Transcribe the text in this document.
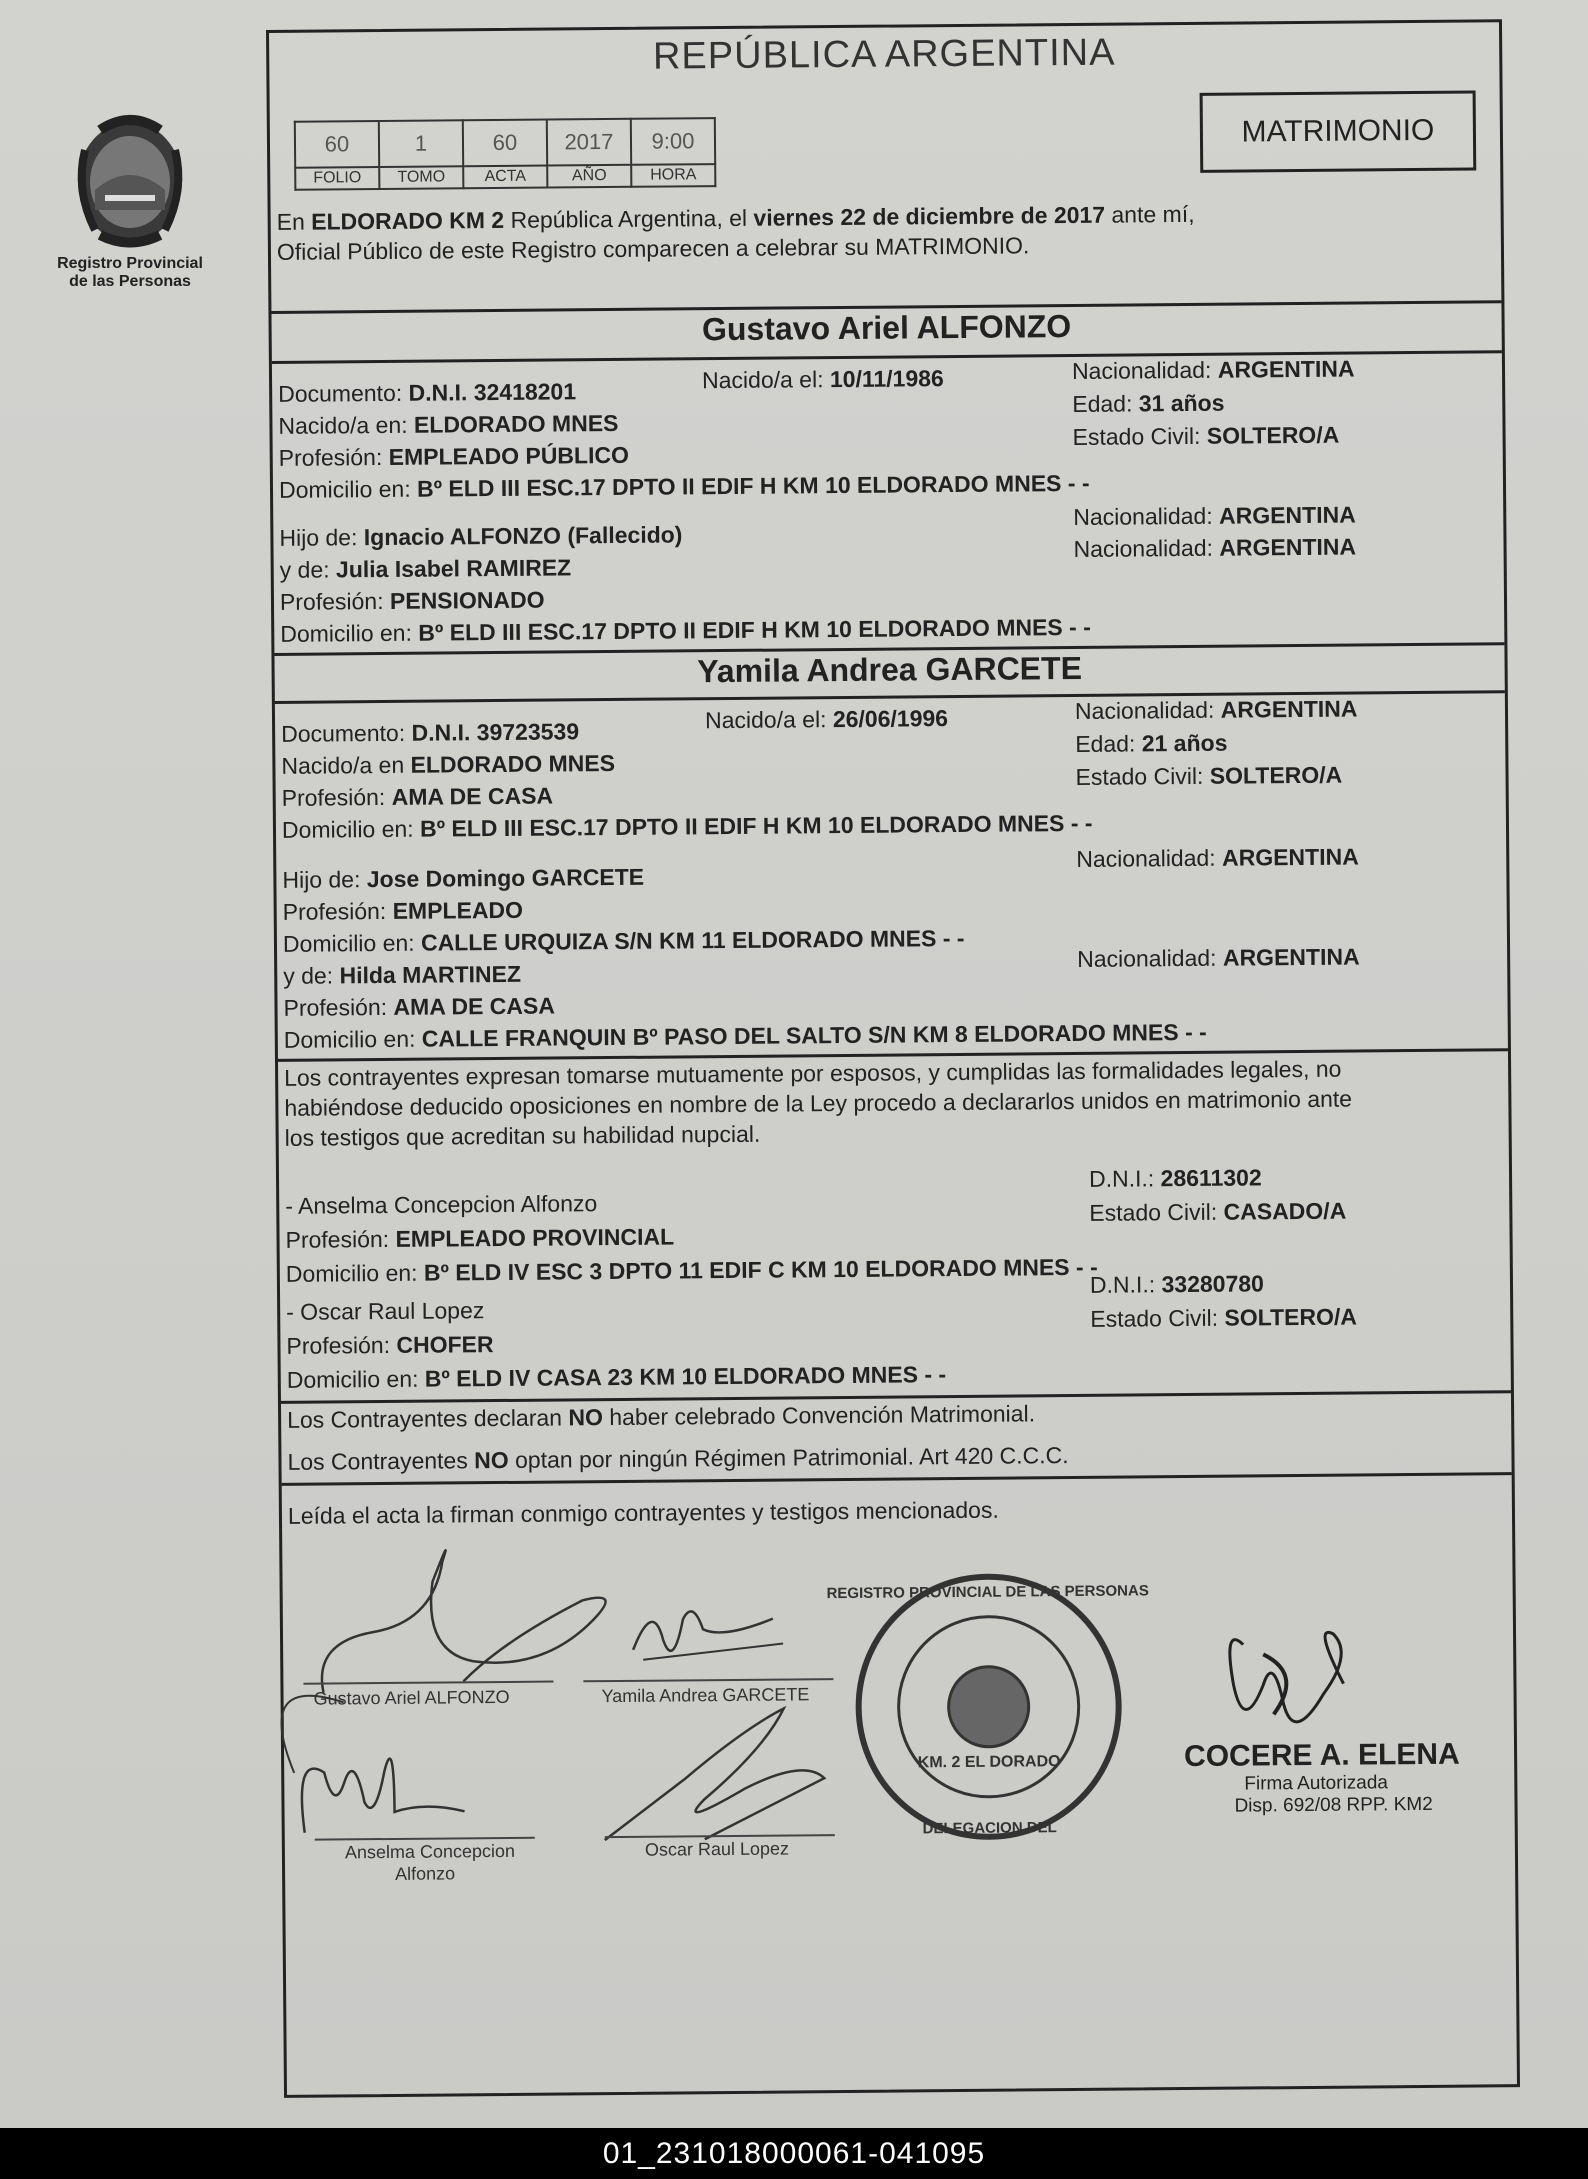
Registro Provincial
de las Personas
REPÚBLICA ARGENTINA
MATRIMONIO
60	1	60	2017	9:00
FOLIO	TOMO	ACTA	AÑO	HORA
En ELDORADO KM 2 República Argentina, el viernes 22 de diciembre de 2017 ante mí,
Oficial Público de este Registro comparecen a celebrar su MATRIMONIO.
Gustavo Ariel ALFONZO
Documento: D.N.I. 32418201	Nacido/a el: 10/11/1986	Nacionalidad: ARGENTINA
Edad: 31 años
Estado Civil: SOLTERO/A
Nacido/a en: ELDORADO MNES
Profesión: EMPLEADO PÚBLICO
Domicilio en: Bº ELD III ESC.17 DPTO II EDIF H KM 10 ELDORADO MNES - -
Hijo de: Ignacio ALFONZO (Fallecido)
Nacionalidad: ARGENTINA
y de: Julia Isabel RAMIREZ
Nacionalidad: ARGENTINA
Profesión: PENSIONADO
Domicilio en: Bº ELD III ESC.17 DPTO II EDIF H KM 10 ELDORADO MNES - -
Yamila Andrea GARCETE
Documento: D.N.I. 39723539	Nacido/a el: 26/06/1996	Nacionalidad: ARGENTINA
Edad: 21 años
Estado Civil: SOLTERO/A
Nacido/a en ELDORADO MNES
Profesión: AMA DE CASA
Domicilio en: Bº ELD III ESC.17 DPTO II EDIF H KM 10 ELDORADO MNES - -
Hijo de: Jose Domingo GARCETE
Nacionalidad: ARGENTINA
Profesión: EMPLEADO
Domicilio en: CALLE URQUIZA S/N KM 11 ELDORADO MNES - -
y de: Hilda MARTINEZ
Nacionalidad: ARGENTINA
Profesión: AMA DE CASA
Domicilio en: CALLE FRANQUIN Bº PASO DEL SALTO S/N KM 8 ELDORADO MNES - -
Los contrayentes expresan tomarse mutuamente por esposos, y cumplidas las formalidades legales, no
habiéndose deducido oposiciones en nombre de la Ley procedo a declararlos unidos en matrimonio ante
los testigos que acreditan su habilidad nupcial.
- Anselma Concepcion Alfonzo
D.N.I.: 28611302
Estado Civil: CASADO/A
Profesión: EMPLEADO PROVINCIAL
Domicilio en: Bº ELD IV ESC 3 DPTO 11 EDIF C KM 10 ELDORADO MNES - -
- Oscar Raul Lopez
D.N.I.: 33280780
Estado Civil: SOLTERO/A
Profesión: CHOFER
Domicilio en: Bº ELD IV CASA 23 KM 10 ELDORADO MNES - -
Los Contrayentes declaran NO haber celebrado Convención Matrimonial.
Los Contrayentes NO optan por ningún Régimen Patrimonial. Art 420 C.C.C.
Leída el acta la firman conmigo contrayentes y testigos mencionados.
Gustavo Ariel ALFONZO	Yamila Andrea GARCETE
Anselma Concepcion
Alfonzo
Oscar Raul Lopez
REGISTRO PROVINCIAL DE LAS PERSONAS
DELEGACION DEL
KM. 2 EL DORADO	COCERE A. ELENA
Firma Autorizada
Disp. 692/08 RPP. KM2
01_231018000061-041095
